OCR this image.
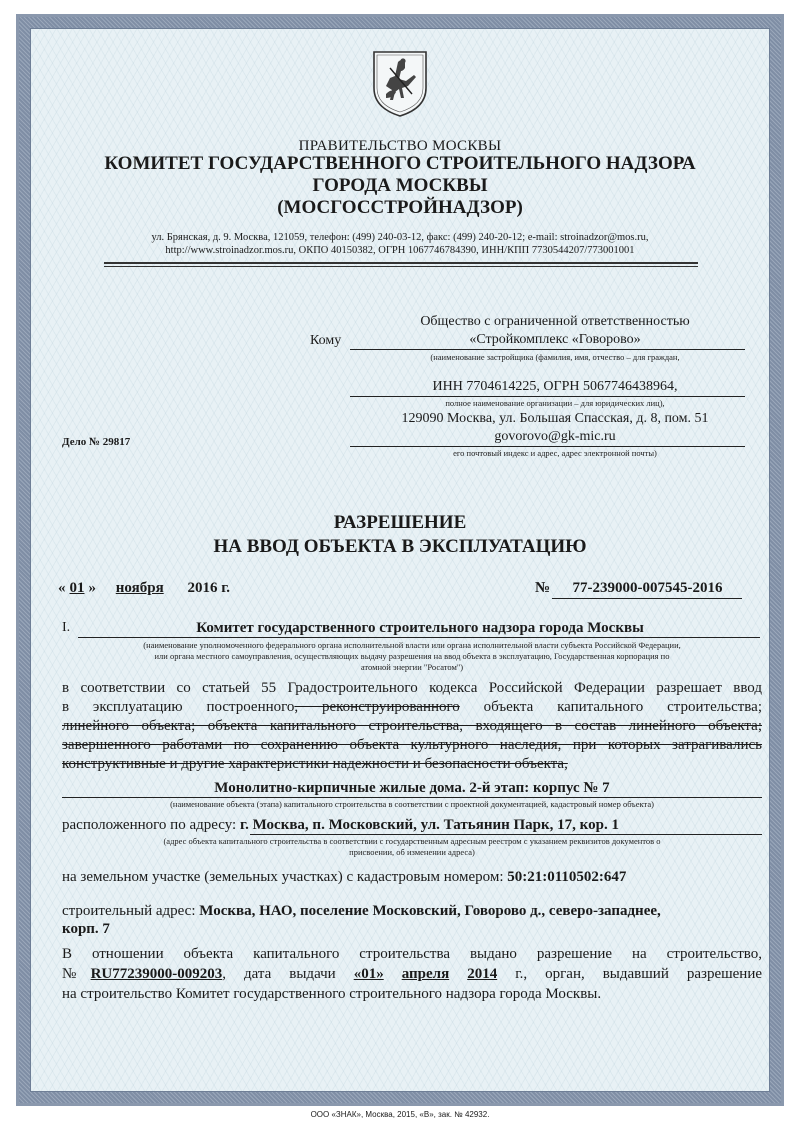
ПРАВИТЕЛЬСТВО МОСКВЫ
КОМИТЕТ ГОСУДАРСТВЕННОГО СТРОИТЕЛЬНОГО НАДЗОРА
ГОРОДА МОСКВЫ
(МОСГОССТРОЙНАДЗОР)
ул. Брянская, д. 9. Москва, 121059, телефон: (499) 240-03-12, факс: (499) 240-20-12; e-mail: stroinadzor@mos.ru,
http://www.stroinadzor.mos.ru, ОКПО 40150382, ОГРН 1067746784390, ИНН/КПП 7730544207/773001001
Кому
Общество с ограниченной ответственностью
«Стройкомплекс «Говорово»
(наименование застройщика (фамилия, имя, отчество – для граждан,
ИНН 7704614225, ОГРН 5067746438964,
полное наименование организации – для юридических лиц),
129090 Москва, ул. Большая Спасская, д. 8, пом. 51
govorovo@gk-mic.ru
его почтовый индекс и адрес, адрес электронной почты)
Дело № 29817
РАЗРЕШЕНИЕ
НА ВВОД ОБЪЕКТА В ЭКСПЛУАТАЦИЮ
« 01 » ноября 2016 г.	№	77-239000-007545-2016
I.	Комитет государственного строительного надзора города Москвы
(наименование уполномоченного федерального органа исполнительной власти или органа исполнительной власти субъекта Российской Федерации,
или органа местного самоуправления, осуществляющих выдачу разрешения на ввод объекта в эксплуатацию, Государственная корпорация по
атомной энергии "Росатом")
в соответствии со статьей 55 Градостроительного кодекса Российской Федерации разрешает ввод
в эксплуатацию построенного, реконструированного объекта капитального строительства;
линейного объекта; объекта капитального строительства, входящего в состав линейного объекта;
завершенного работами по сохранению объекта культурного наследия, при которых затрагивались
конструктивные и другие характеристики надежности и безопасности объекта,
Монолитно-кирпичные жилые дома. 2-й этап: корпус № 7
(наименование объекта (этапа) капитального строительства в соответствии с проектной документацией, кадастровый номер объекта)
расположенного по адресу: г. Москва, п. Московский, ул. Татьянин Парк, 17, кор. 1
(адрес объекта капитального строительства в соответствии с государственным адресным реестром с указанием реквизитов документов о
присвоении, об изменении адреса)
на земельном участке (земельных участках) с кадастровым номером: 50:21:0110502:647
строительный адрес: Москва, НАО, поселение Московский, Говорово д., северо-западнее,
корп. 7
В отношении объекта капитального строительства выдано разрешение на строительство,
№RU77239000-009203, дата выдачи «01» апреля 2014 г., орган, выдавший разрешение
на строительство Комитет государственного строительного надзора города Москвы.
ООО «ЗНАК», Москва, 2015, «В», зак. № 42932.
